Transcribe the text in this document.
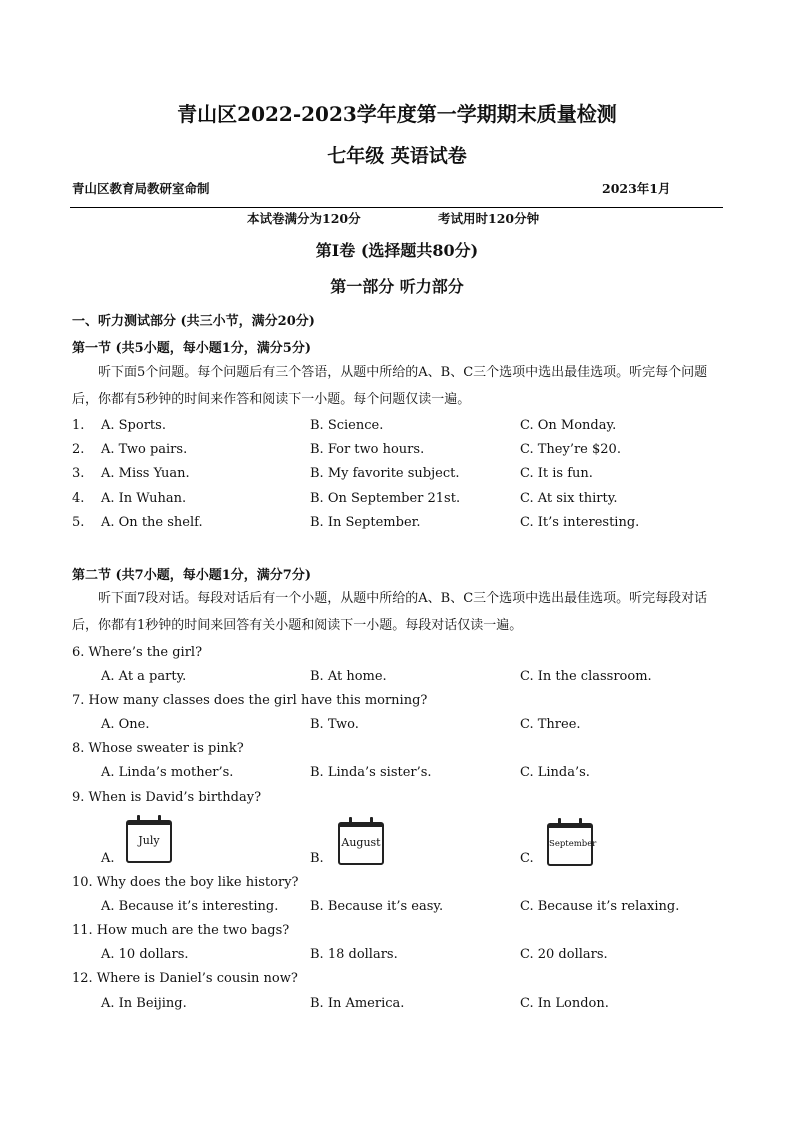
青山区2022-2023学年度第一学期期末质量检测
七年级 英语试卷
青山区教育局教研室命制	2023年1月
本试卷满分为120分	考试用时120分钟
第I卷 (选择题共80分)
第一部分 听力部分
一、听力测试部分 (共三小节，满分20分)
第一节 (共5小题，每小题1分，满分5分)
听下面5个问题。每个问题后有三个答语，从题中所给的A、B、C三个选项中选出最佳选项。听完每个问题后，你都有5秒钟的时间来作答和阅读下一小题。每个问题仅读一遍。
1. A. Sports.	B. Science.	C. On Monday.
2. A. Two pairs.	B. For two hours.	C. They’re $20.
3. A. Miss Yuan.	B. My favorite subject.	C. It is fun.
4. A. In Wuhan.	B. On September 21st.	C. At six thirty.
5. A. On the shelf.	B. In September.	C. It’s interesting.
第二节 (共7小题，每小题1分，满分7分)
听下面7段对话。每段对话后有一个小题，从题中所给的A、B、C三个选项中选出最佳选项。听完每段对话后，你都有1秒钟的时间来回答有关小题和阅读下一小题。每段对话仅读一遍。
6. Where’s the girl?
A. At a party.	B. At home.	C. In the classroom.
7. How many classes does the girl have this morning?
A. One.	B. Two.	C. Three.
8. Whose sweater is pink?
A. Linda’s mother’s.	B. Linda’s sister’s.	C. Linda’s.
9. When is David’s birthday?
July	August	September
A.	B.	C.
10. Why does the boy like history?
A. Because it’s interesting. B. Because it’s easy.	C. Because it’s relaxing.
11. How much are the two bags?
A. 10 dollars.	B. 18 dollars.	C. 20 dollars.
12. Where is Daniel’s cousin now?
A. In Beijing.	B. In America.	C. In London.
